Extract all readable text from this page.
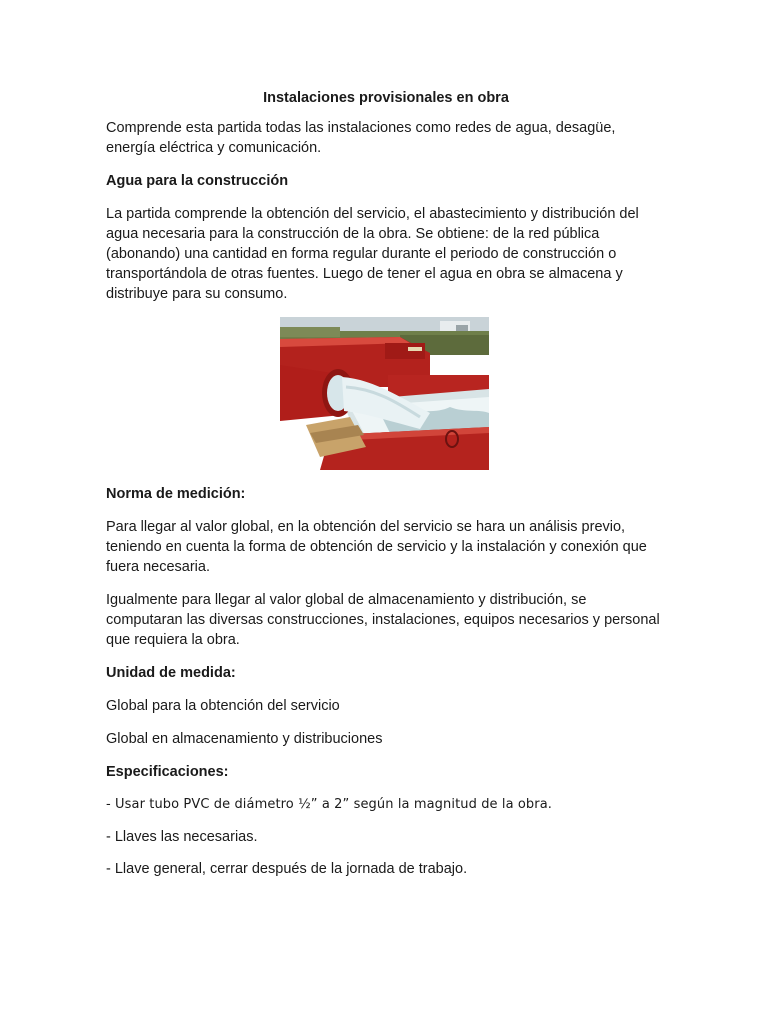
Instalaciones provisionales en obra

Comprende esta partida todas las instalaciones como redes de agua, desagüe, energía eléctrica y comunicación.

Agua para la construcción

La partida comprende la obtención del servicio, el abastecimiento y distribución del agua necesaria para la construcción de la obra. Se obtiene: de la red pública (abonando) una cantidad en forma regular durante el periodo de construcción o transportándola de otras fuentes. Luego de tener el agua en obra se almacena y distribuye para su consumo.

Norma de medición:

Para llegar al valor global, en la obtención del servicio se hara un análisis previo, teniendo en cuenta la forma de obtención de servicio y la instalación y conexión que fuera necesaria.

Igualmente para llegar al valor global de almacenamiento y distribución, se computaran las diversas construcciones, instalaciones, equipos necesarios y personal que requiera la obra.

Unidad de medida:

Global para la obtención del servicio

Global en almacenamiento y distribuciones

Especificaciones:

- Usar tubo PVC de diámetro ½” a 2” según la magnitud de la obra.

- Llaves las necesarias.

- Llave general, cerrar después de la jornada de trabajo.
